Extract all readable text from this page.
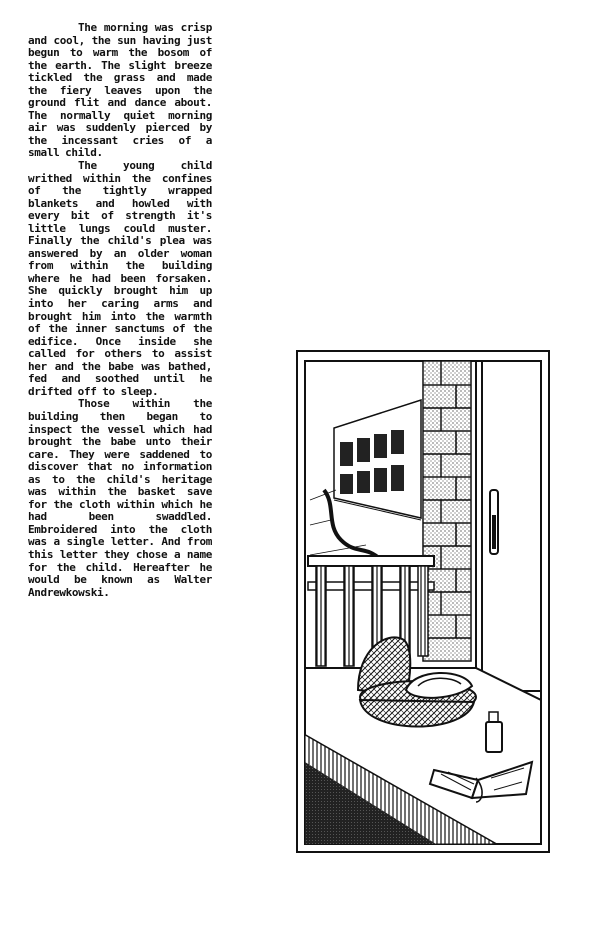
The morning was crisp and cool, the sun having just begun to warm the bosom of the earth. The slight breeze tickled the grass and made the fiery leaves upon the ground flit and dance about. The normally quiet morning air was suddenly pierced by the incessant cries of a small child.

The young child writhed within the confines of the tightly wrapped blankets and howled with every bit of strength it's little lungs could muster. Finally the child's plea was answered by an older woman from within the building where he had been forsaken. She quickly brought him up into her caring arms and brought him into the warmth of the inner sanctums of the edifice. Once inside she called for others to assist her and the babe was bathed, fed and soothed until he drifted off to sleep.

Those within the building then began to inspect the vessel which had brought the babe unto their care. They were saddened to discover that no information as to the child's heritage was within the basket save for the cloth within which he had been swaddled. Embroidered into the cloth was a single letter. And from this letter they chose a name for the child. Hereafter he would be known as Walter Andrewkowski.
